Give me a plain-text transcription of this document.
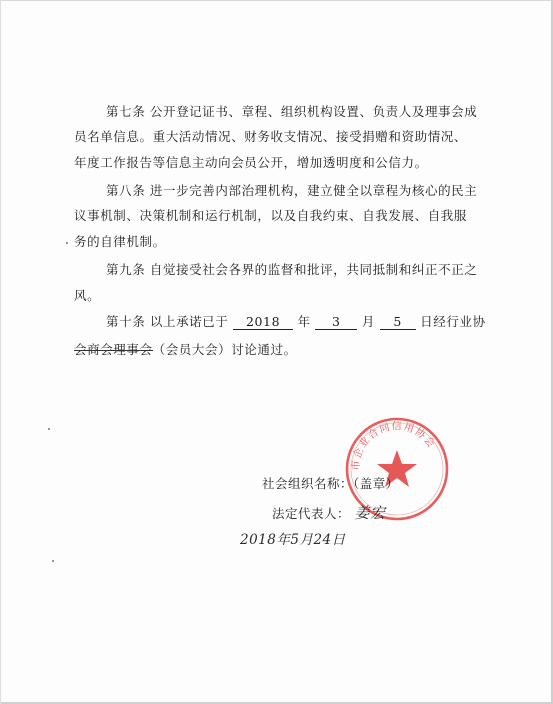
第七条 公开登记证书、章程、组织机构设置、负责人及理事会成
员名单信息。重大活动情况、财务收支情况、接受捐赠和资助情况、
年度工作报告等信息主动向会员公开，增加透明度和公信力。
第八条 进一步完善内部治理机构，建立健全以章程为核心的民主
议事机制、决策机制和运行机制，以及自我约束、自我发展、自我服
务的自律机制。
第九条 自觉接受社会各界的监督和批评，共同抵制和纠正不正之
风。
第十条 以上承诺已于 2018 年 3 月 5 日经行业协
会商会理事会（会员大会）讨论通过。
市企业合同信用协会
社会组织名称：（盖章）
法定代表人： 姜宏
2018年5月24日
